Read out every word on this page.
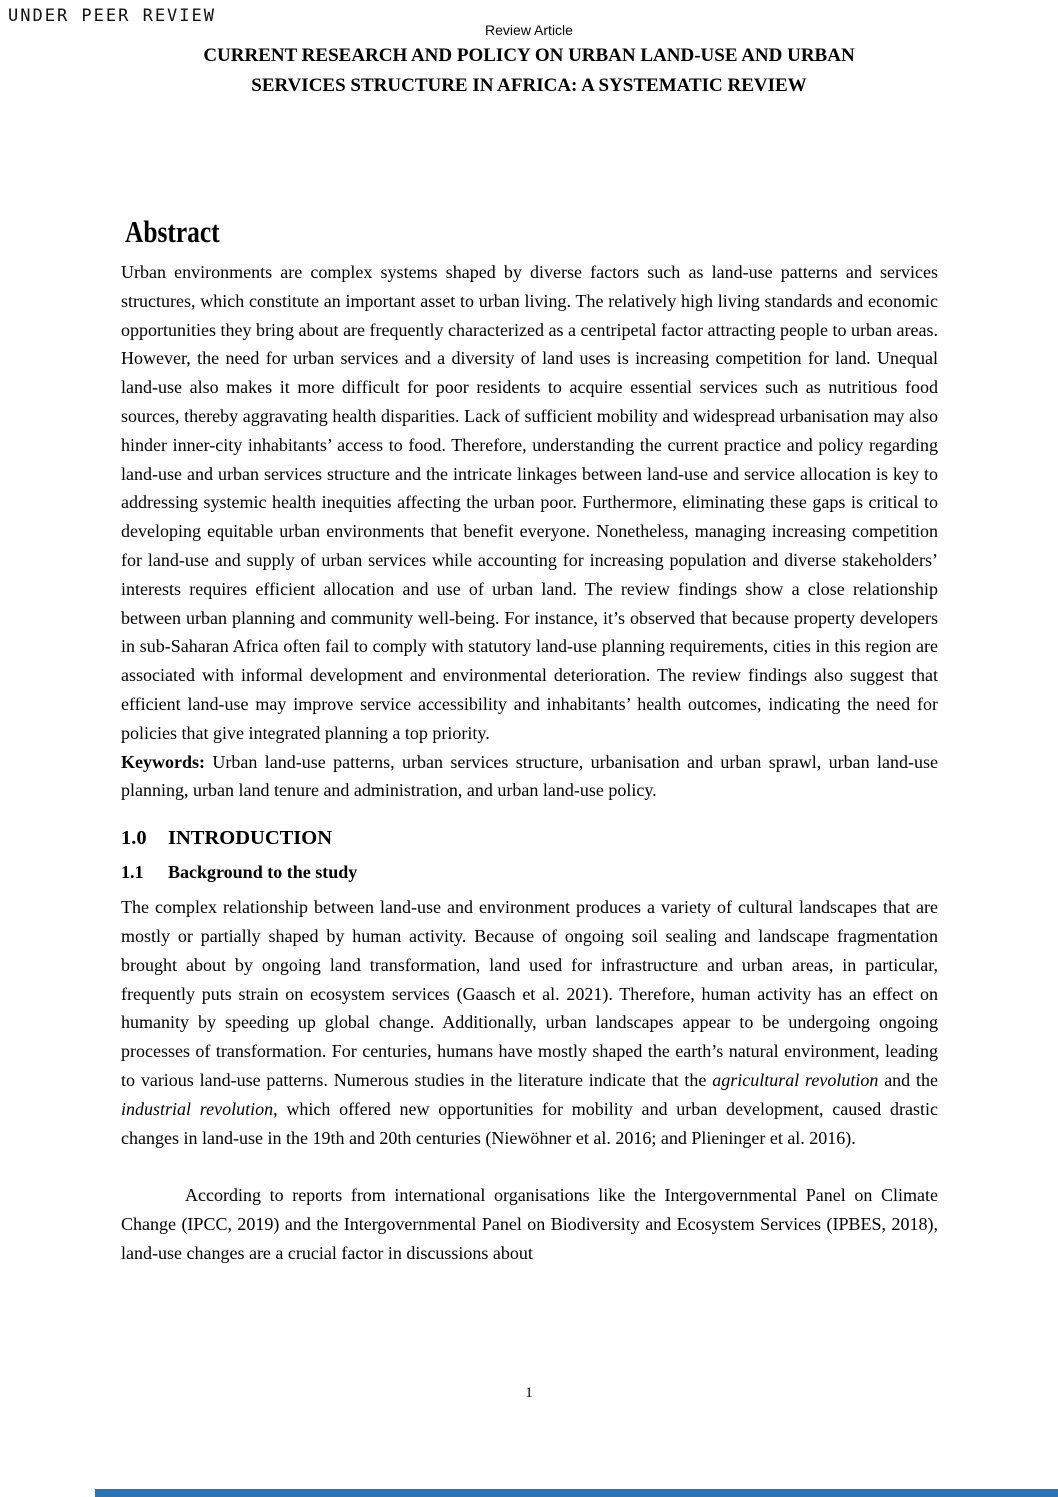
UNDER PEER REVIEW
Review Article
CURRENT RESEARCH AND POLICY ON URBAN LAND-USE AND URBAN
SERVICES STRUCTURE IN AFRICA: A SYSTEMATIC REVIEW
Abstract

Urban environments are complex systems shaped by diverse factors such as land-use patterns and services structures, which constitute an important asset to urban living. The relatively high living standards and economic opportunities they bring about are frequently characterized as a centripetal factor attracting people to urban areas. However, the need for urban services and a diversity of land uses is increasing competition for land. Unequal land-use also makes it more difficult for poor residents to acquire essential services such as nutritious food sources, thereby aggravating health disparities. Lack of sufficient mobility and widespread urbanisation may also hinder inner-city inhabitants’ access to food. Therefore, understanding the current practice and policy regarding land-use and urban services structure and the intricate linkages between land-use and service allocation is key to addressing systemic health inequities affecting the urban poor. Furthermore, eliminating these gaps is critical to developing equitable urban environments that benefit everyone. Nonetheless, managing increasing competition for land-use and supply of urban services while accounting for increasing population and diverse stakeholders’ interests requires efficient allocation and use of urban land. The review findings show a close relationship between urban planning and community well-being. For instance, it’s observed that because property developers in sub-Saharan Africa often fail to comply with statutory land-use planning requirements, cities in this region are associated with informal development and environmental deterioration. The review findings also suggest that efficient land-use may improve service accessibility and inhabitants’ health outcomes, indicating the need for policies that give integrated planning a top priority.

Keywords: Urban land-use patterns, urban services structure, urbanisation and urban sprawl, urban land-use planning, urban land tenure and administration, and urban land-use policy.

1.0 INTRODUCTION
1.1 Background to the study

The complex relationship between land-use and environment produces a variety of cultural landscapes that are mostly or partially shaped by human activity. Because of ongoing soil sealing and landscape fragmentation brought about by ongoing land transformation, land used for infrastructure and urban areas, in particular, frequently puts strain on ecosystem services (Gaasch et al. 2021). Therefore, human activity has an effect on humanity by speeding up global change. Additionally, urban landscapes appear to be undergoing ongoing processes of transformation. For centuries, humans have mostly shaped the earth’s natural environment, leading to various land-use patterns. Numerous studies in the literature indicate that the agricultural revolution and the industrial revolution, which offered new opportunities for mobility and urban development, caused drastic changes in land-use in the 19th and 20th centuries (Niewöhner et al. 2016; and Plieninger et al. 2016).

According to reports from international organisations like the Intergovernmental Panel on Climate Change (IPCC, 2019) and the Intergovernmental Panel on Biodiversity and Ecosystem Services (IPBES, 2018), land-use changes are a crucial factor in discussions about

1
